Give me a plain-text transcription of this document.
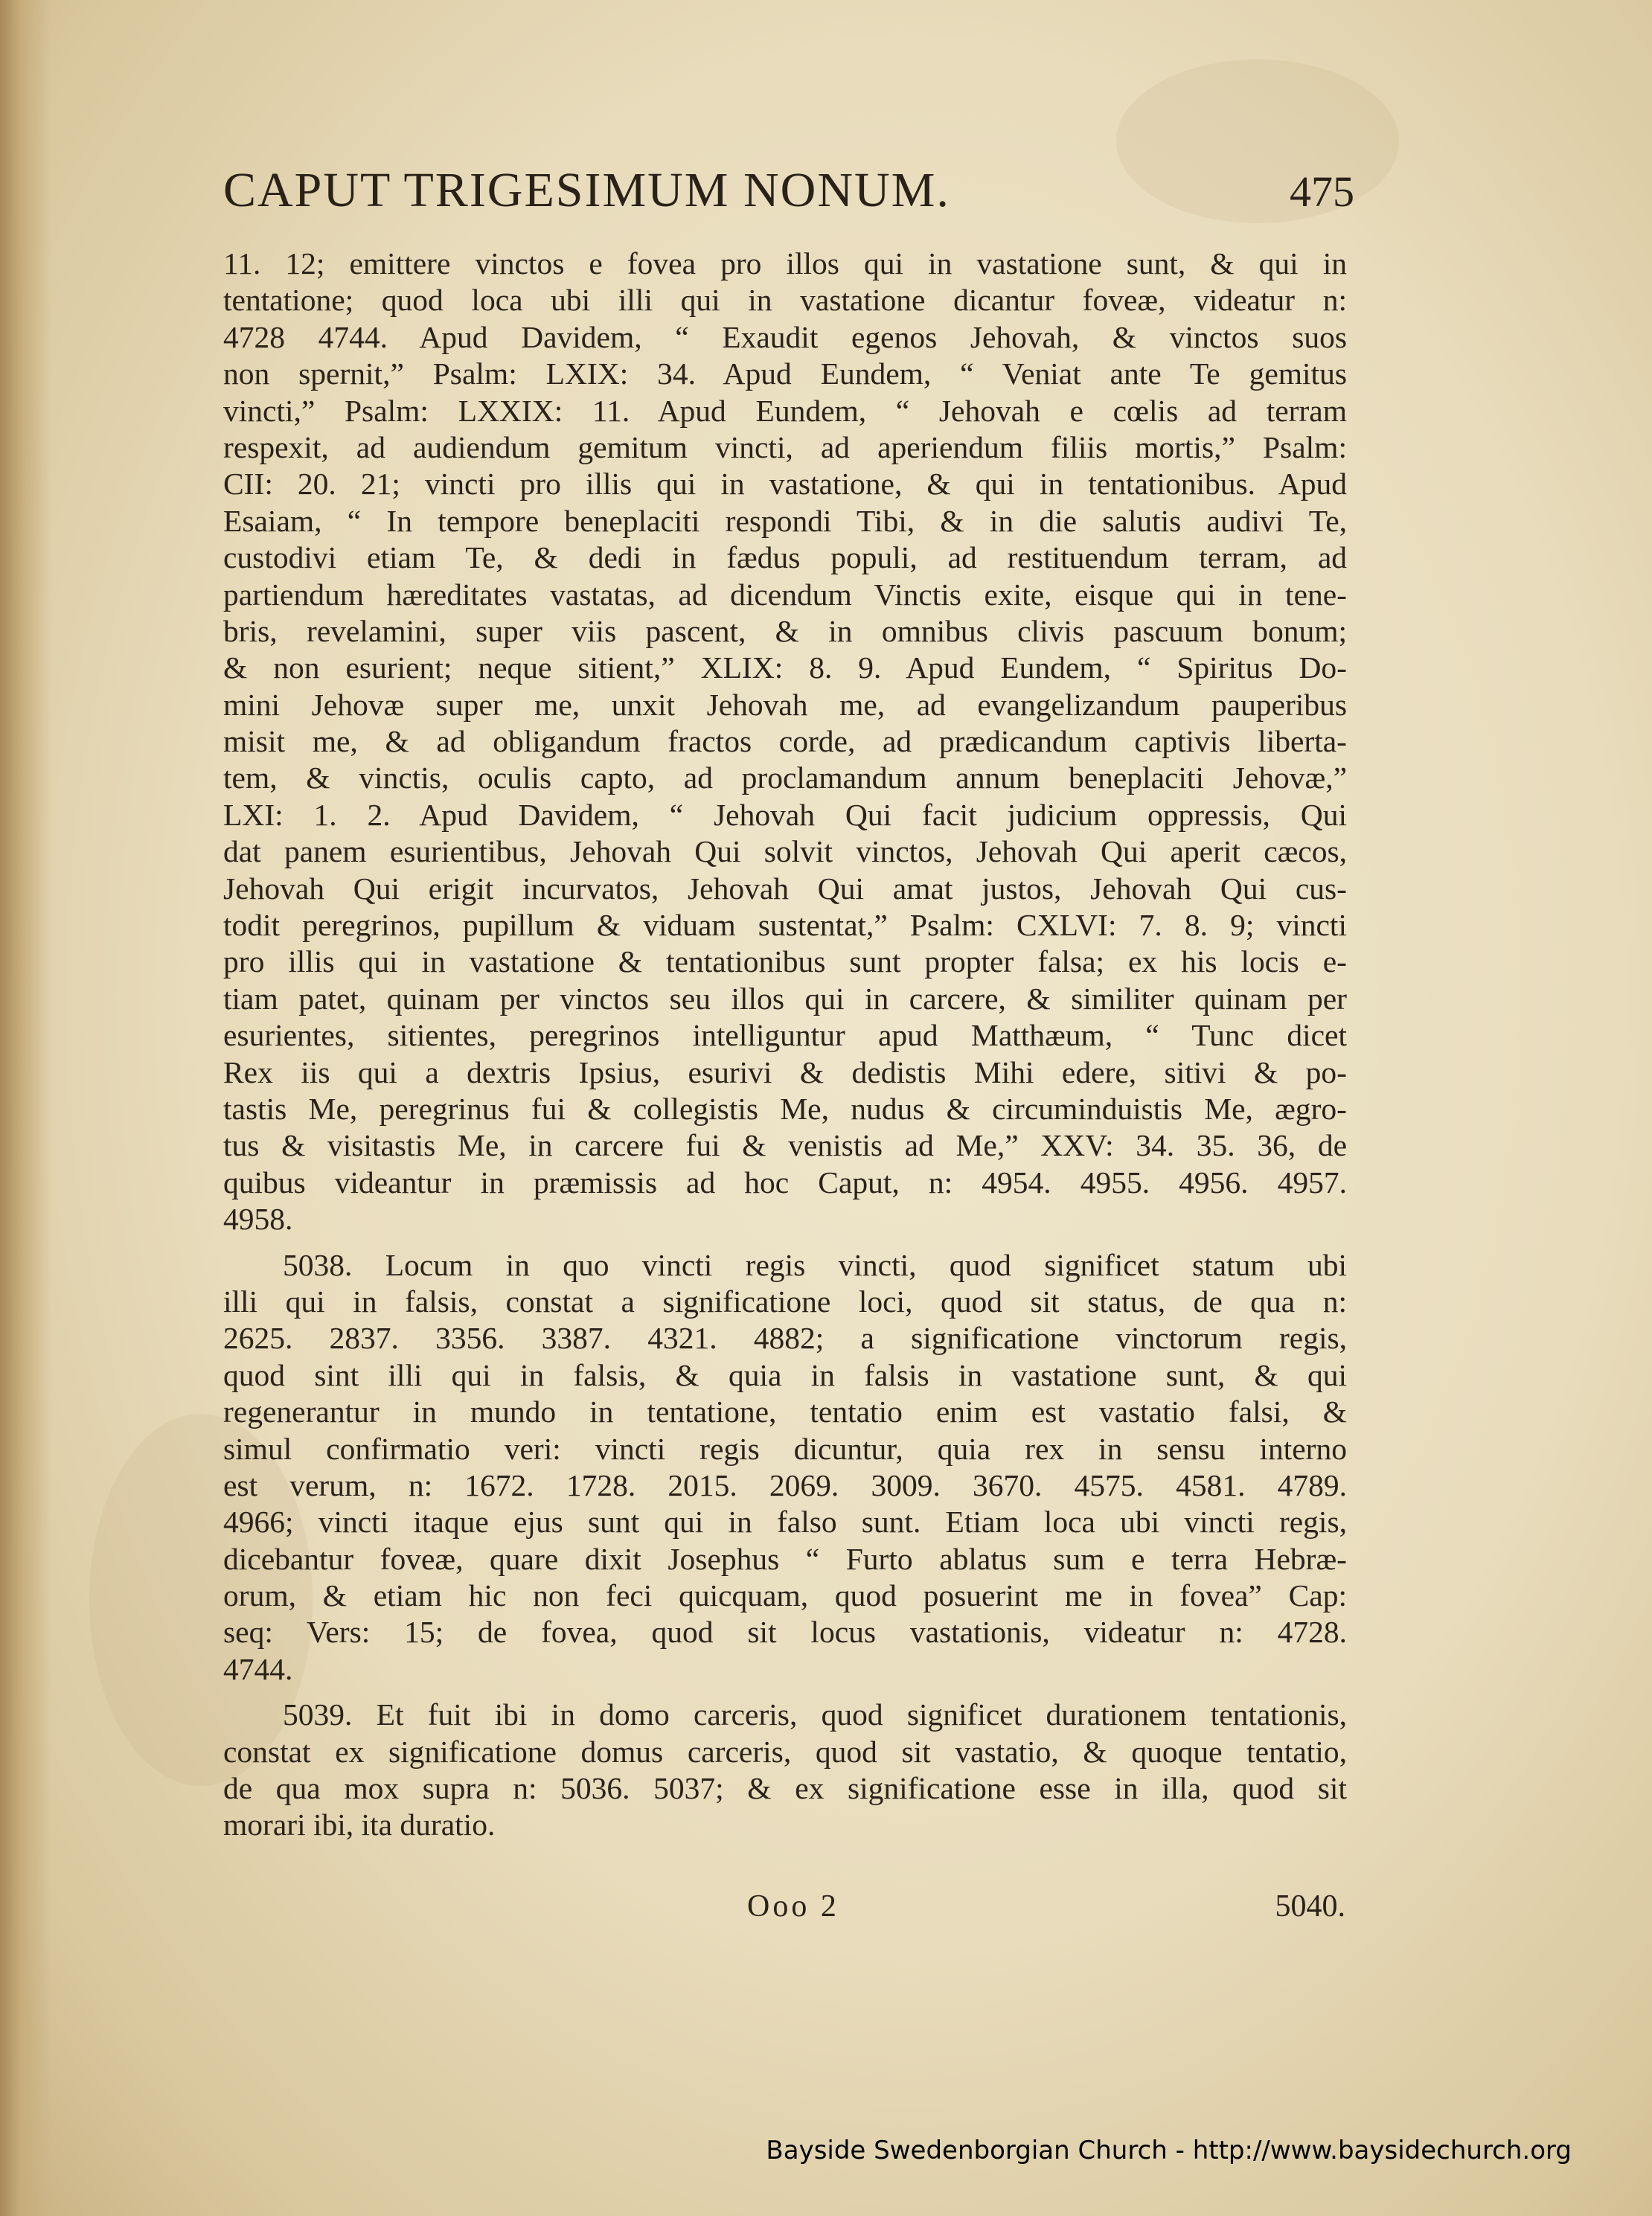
CAPUT TRIGESIMUM NONUM.	475
11. 12; emittere vinctos e fovea pro illos qui in vastatione sunt, & qui in
tentatione; quod loca ubi illi qui in vastatione dicantur foveæ, videatur n:
4728 4744. Apud Davidem, “ Exaudit egenos Jehovah, & vinctos suos
non spernit,” Psalm: LXIX: 34. Apud Eundem, “ Veniat ante Te gemitus
vincti,” Psalm: LXXIX: 11. Apud Eundem, “ Jehovah e cœlis ad terram
respexit, ad audiendum gemitum vincti, ad aperiendum filiis mortis,” Psalm:
CII: 20. 21; vincti pro illis qui in vastatione, & qui in tentationibus. Apud
Esaiam, “ In tempore beneplaciti respondi Tibi, & in die salutis audivi Te,
custodivi etiam Te, & dedi in fædus populi, ad restituendum terram, ad
partiendum hæreditates vastatas, ad dicendum Vinctis exite, eisque qui in tene-
bris, revelamini, super viis pascent, & in omnibus clivis pascuum bonum;
& non esurient; neque sitient,” XLIX: 8. 9. Apud Eundem, “ Spiritus Do-
mini Jehovæ super me, unxit Jehovah me, ad evangelizandum pauperibus
misit me, & ad obligandum fractos corde, ad prædicandum captivis liberta-
tem, & vinctis, oculis capto, ad proclamandum annum beneplaciti Jehovæ,”
LXI: 1. 2. Apud Davidem, “ Jehovah Qui facit judicium oppressis, Qui
dat panem esurientibus, Jehovah Qui solvit vinctos, Jehovah Qui aperit cæcos,
Jehovah Qui erigit incurvatos, Jehovah Qui amat justos, Jehovah Qui cus-
todit peregrinos, pupillum & viduam sustentat,” Psalm: CXLVI: 7. 8. 9; vincti
pro illis qui in vastatione & tentationibus sunt propter falsa; ex his locis e-
tiam patet, quinam per vinctos seu illos qui in carcere, & similiter quinam per
esurientes, sitientes, peregrinos intelliguntur apud Matthæum, “ Tunc dicet
Rex iis qui a dextris Ipsius, esurivi & dedistis Mihi edere, sitivi & po-
tastis Me, peregrinus fui & collegistis Me, nudus & circuminduistis Me, ægro-
tus & visitastis Me, in carcere fui & venistis ad Me,” XXV: 34. 35. 36, de
quibus videantur in præmissis ad hoc Caput, n: 4954. 4955. 4956. 4957.
4958.
5038. Locum in quo vincti regis vincti, quod significet statum ubi
illi qui in falsis, constat a significatione loci, quod sit status, de qua n:
2625. 2837. 3356. 3387. 4321. 4882; a significatione vinctorum regis,
quod sint illi qui in falsis, & quia in falsis in vastatione sunt, & qui
regenerantur in mundo in tentatione, tentatio enim est vastatio falsi, &
simul confirmatio veri: vincti regis dicuntur, quia rex in sensu interno
est verum, n: 1672. 1728. 2015. 2069. 3009. 3670. 4575. 4581. 4789.
4966; vincti itaque ejus sunt qui in falso sunt. Etiam loca ubi vincti regis,
dicebantur foveæ, quare dixit Josephus “ Furto ablatus sum e terra Hebræ-
orum, & etiam hic non feci quicquam, quod posuerint me in fovea” Cap:
seq: Vers: 15; de fovea, quod sit locus vastationis, videatur n: 4728.
4744.
5039. Et fuit ibi in domo carceris, quod significet durationem tentationis,
constat ex significatione domus carceris, quod sit vastatio, & quoque tentatio,
de qua mox supra n: 5036. 5037; & ex significatione esse in illa, quod sit
morari ibi, ita duratio.
Ooo 2	5040.
Bayside Swedenborgian Church - http://www.baysidechurch.org
